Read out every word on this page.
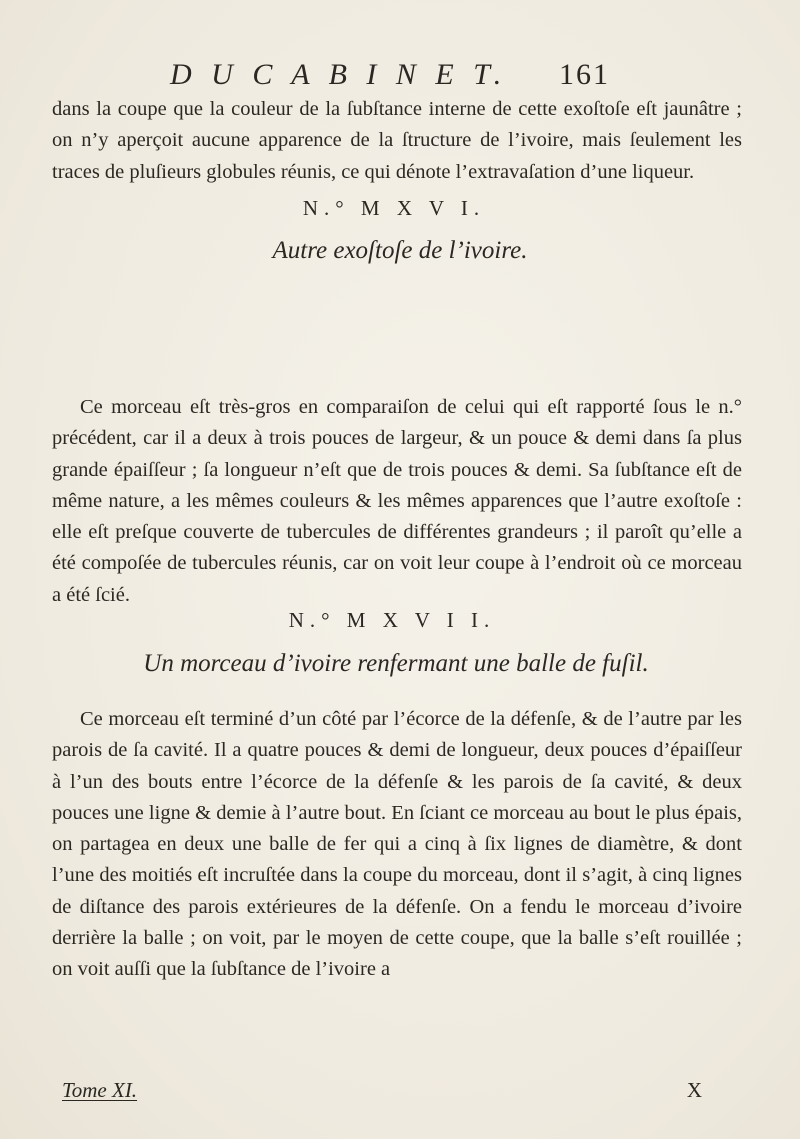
D U C A B I N E T. 161

dans la coupe que la couleur de la ſubſtance interne de cette exoſtoſe eſt jaunâtre ; on n’y aperçoit aucune apparence de la ſtructure de l’ivoire, mais ſeulement les traces de pluſieurs globules réunis, ce qui dénote l’extravaſation d’une liqueur.

N.° M X V I.
Autre exoſtoſe de l’ivoire.

Ce morceau eſt très-gros en comparaiſon de celui qui eſt rapporté ſous le n.° précédent, car il a deux à trois pouces de largeur, & un pouce & demi dans ſa plus grande épaiſſeur ; ſa longueur n’eſt que de trois pouces & demi. Sa ſubſtance eſt de même nature, a les mêmes couleurs & les mêmes apparences que l’autre exoſtoſe : elle eſt preſque couverte de tubercules de différentes grandeurs ; il paroît qu’elle a été compoſée de tubercules réunis, car on voit leur coupe à l’endroit où ce morceau a été ſcié.

N.° M X V I I.
Un morceau d’ivoire renfermant une balle de fuſil.

Ce morceau eſt terminé d’un côté par l’écorce de la défenſe, & de l’autre par les parois de ſa cavité. Il a quatre pouces & demi de longueur, deux pouces d’épaiſſeur à l’un des bouts entre l’écorce de la défenſe & les parois de ſa cavité, & deux pouces une ligne & demie à l’autre bout. En ſciant ce morceau au bout le plus épais, on partagea en deux une balle de fer qui a cinq à ſix lignes de diamètre, & dont l’une des moitiés eſt incruſtée dans la coupe du morceau, dont il s’agit, à cinq lignes de diſtance des parois extérieures de la défenſe. On a fendu le morceau d’ivoire derrière la balle ; on voit, par le moyen de cette coupe, que la balle s’eſt rouillée ; on voit auſſi que la ſubſtance de l’ivoire a

Tome XI.	X
